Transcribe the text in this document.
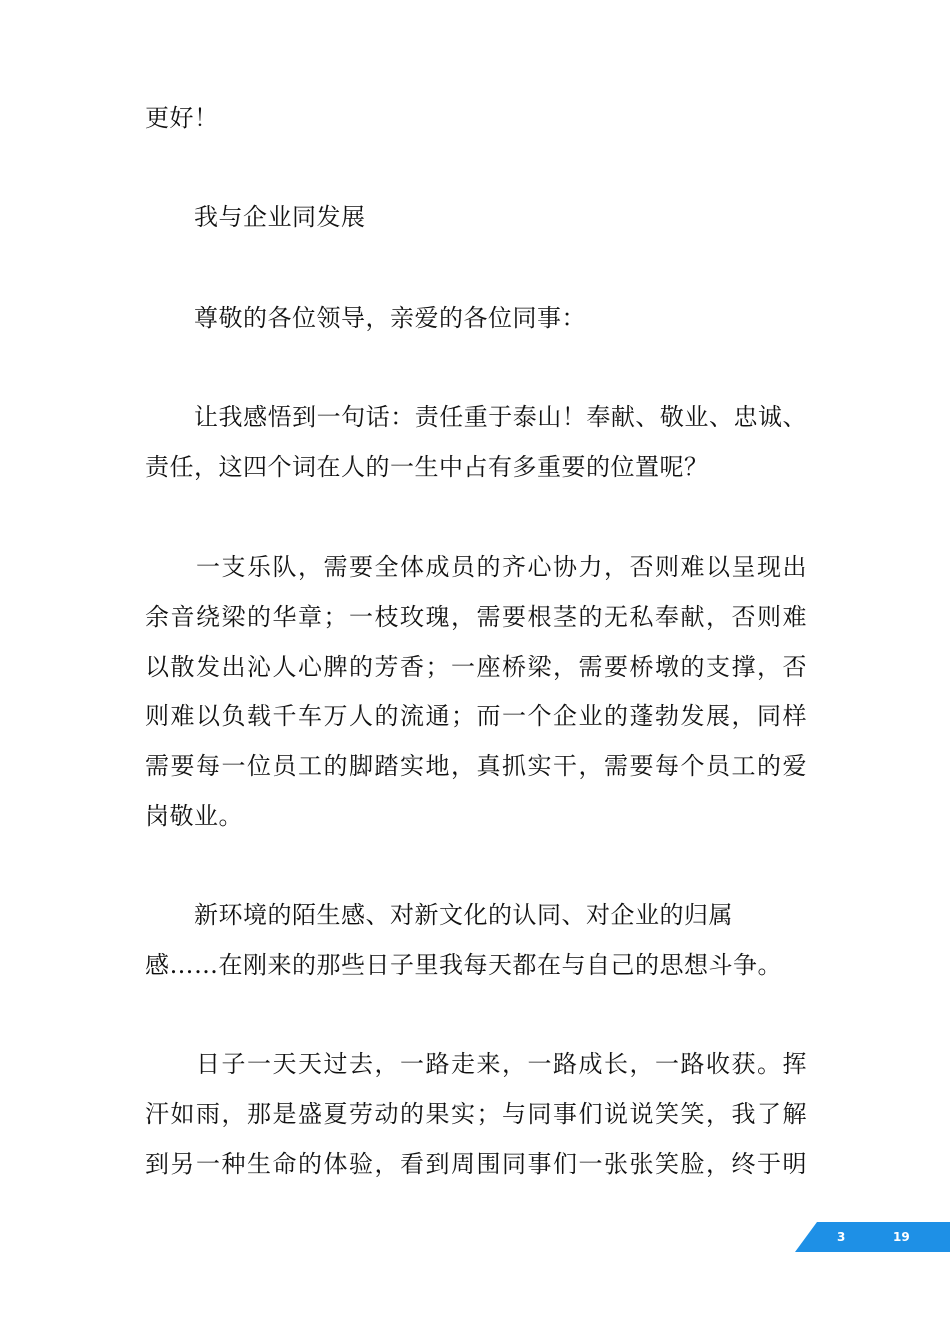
更好！
　　我与企业同发展
　　尊敬的各位领导，亲爱的各位同事：
　　让我感悟到一句话：责任重于泰山！奉献、敬业、忠诚、
责任，这四个词在人的一生中占有多重要的位置呢？
　　一支乐队，需要全体成员的齐心协力，否则难以呈现出
余音绕梁的华章；一枝玫瑰，需要根茎的无私奉献，否则难
以散发出沁人心脾的芳香；一座桥梁，需要桥墩的支撑，否
则难以负载千车万人的流通；而一个企业的蓬勃发展，同样
需要每一位员工的脚踏实地，真抓实干，需要每个员工的爱
岗敬业。
　　新环境的陌生感、对新文化的认同、对企业的归属
感……在刚来的那些日子里我每天都在与自己的思想斗争。
　　日子一天天过去，一路走来，一路成长，一路收获。挥
汗如雨，那是盛夏劳动的果实；与同事们说说笑笑，我了解
到另一种生命的体验，看到周围同事们一张张笑脸，终于明
3	19
